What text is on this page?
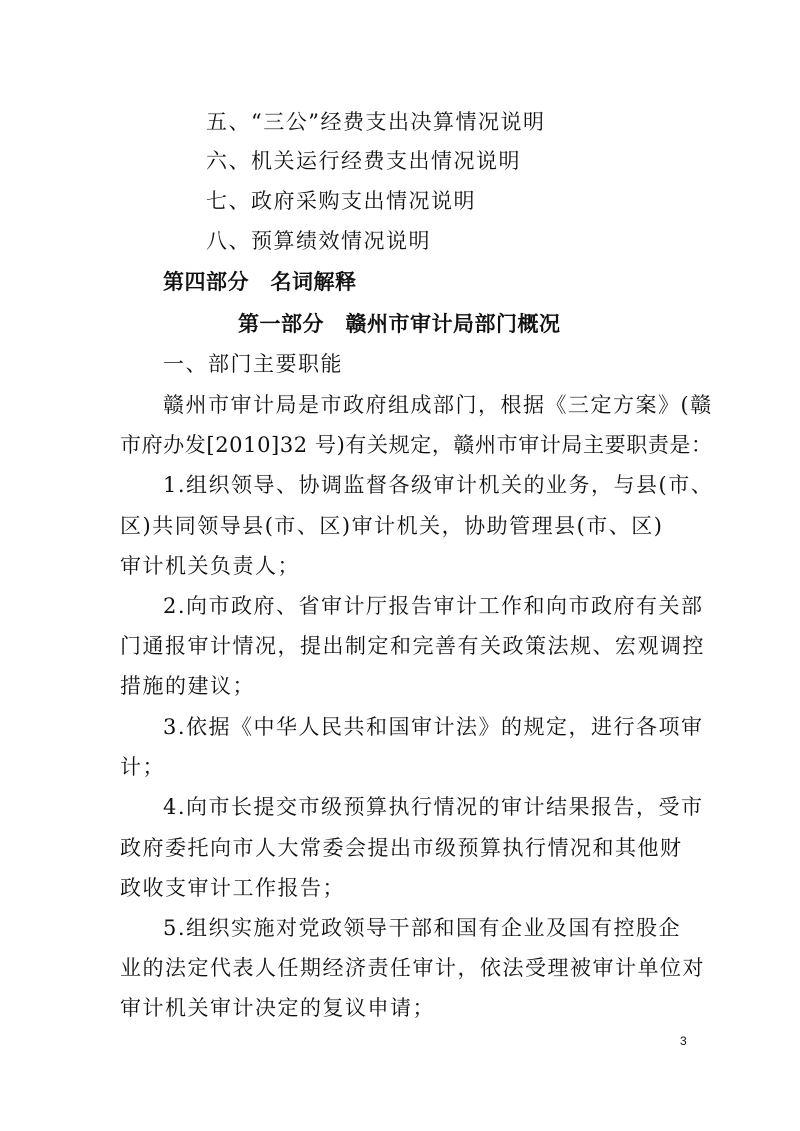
五、“三公”经费支出决算情况说明
六、机关运行经费支出情况说明
七、政府采购支出情况说明
八、预算绩效情况说明
第四部分　名词解释
第一部分　赣州市审计局部门概况
一、部门主要职能
赣州市审计局是市政府组成部门，根据《三定方案》(赣
市府办发[2010]32 号)有关规定，赣州市审计局主要职责是：
1.组织领导、协调监督各级审计机关的业务，与县(市、
区)共同领导县(市、区)审计机关，协助管理县(市、区)
审计机关负责人；
2.向市政府、省审计厅报告审计工作和向市政府有关部
门通报审计情况，提出制定和完善有关政策法规、宏观调控
措施的建议；
3.依据《中华人民共和国审计法》的规定，进行各项审
计；
4.向市长提交市级预算执行情况的审计结果报告，受市
政府委托向市人大常委会提出市级预算执行情况和其他财
政收支审计工作报告；
5.组织实施对党政领导干部和国有企业及国有控股企
业的法定代表人任期经济责任审计，依法受理被审计单位对
审计机关审计决定的复议申请；
3
